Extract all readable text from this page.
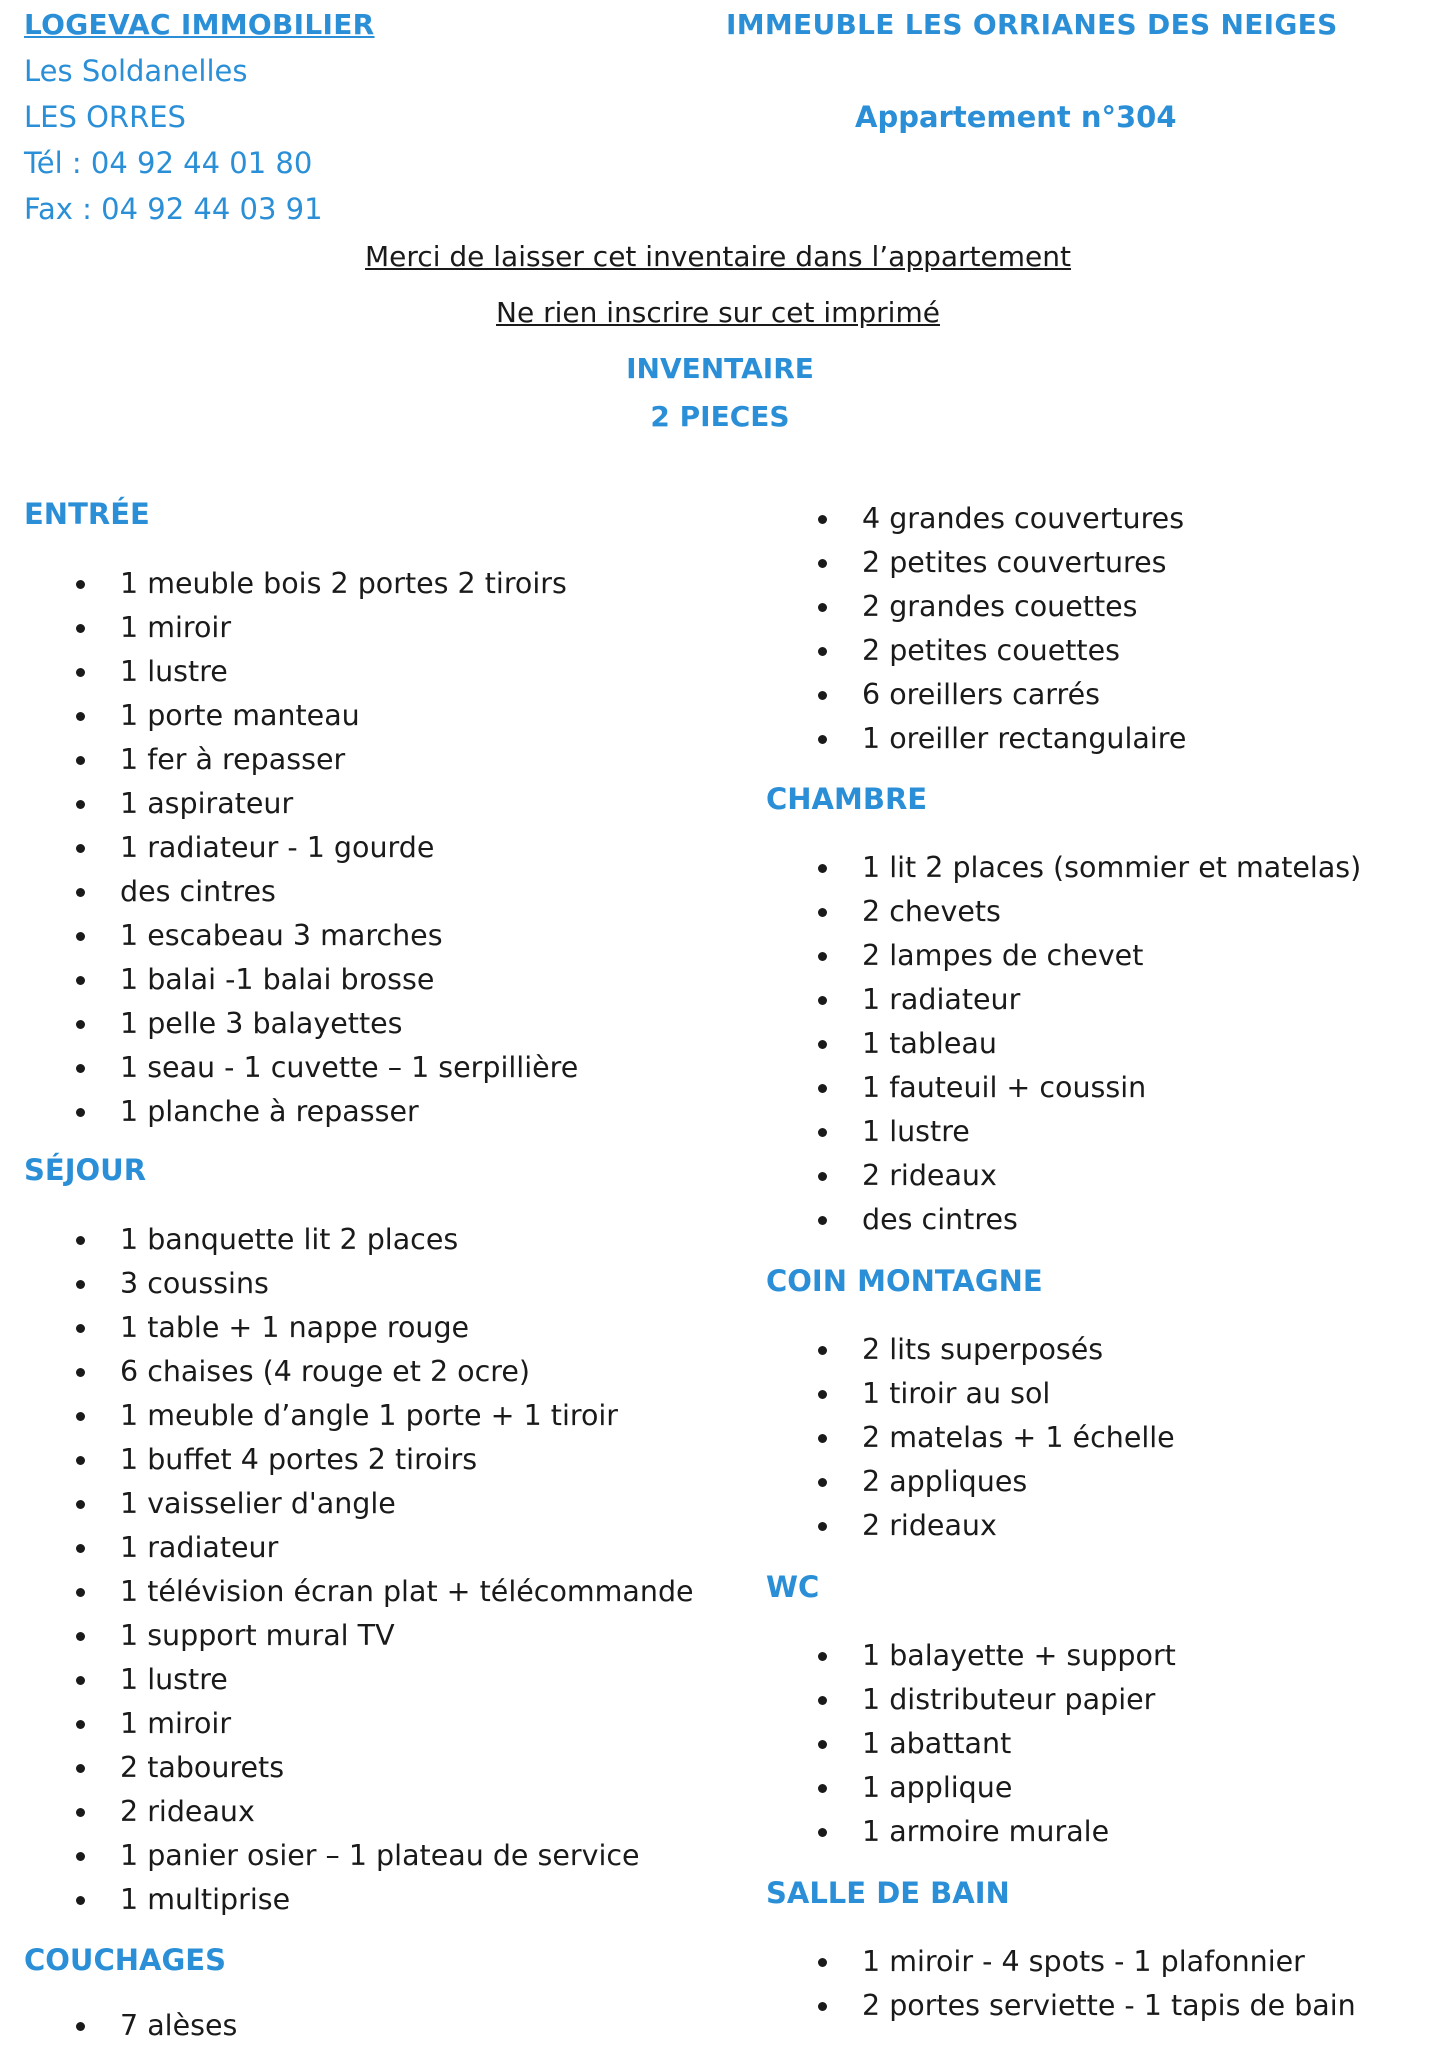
LOGEVAC IMMOBILIER
Les Soldanelles
LES ORRES
Tél : 04 92 44 01 80
Fax : 04 92 44 03 91
IMMEUBLE LES ORRIANES DES NEIGES
Appartement n°304
Merci de laisser cet inventaire dans l’appartement
Ne rien inscrire sur cet imprimé
INVENTAIRE
2 PIECES
ENTRÉE
1 meuble bois 2 portes 2 tiroirs
1 miroir
1 lustre
1 porte manteau
1 fer à repasser
1 aspirateur
1 radiateur - 1 gourde
des cintres
1 escabeau 3 marches
1 balai -1 balai brosse
1 pelle 3 balayettes
1 seau - 1 cuvette – 1 serpillière
1 planche à repasser
SÉJOUR
1 banquette lit 2 places
3 coussins
1 table + 1 nappe rouge
6 chaises (4 rouge et 2 ocre)
1 meuble d’angle 1 porte + 1 tiroir
1 buffet 4 portes 2 tiroirs
1 vaisselier d'angle
1 radiateur
1 télévision écran plat + télécommande
1 support mural TV
1 lustre
1 miroir
2 tabourets
2 rideaux
1 panier osier – 1 plateau de service
1 multiprise
COUCHAGES
7 alèses
4 grandes couvertures
2 petites couvertures
2 grandes couettes
2 petites couettes
6 oreillers carrés
1 oreiller rectangulaire
CHAMBRE
1 lit 2 places (sommier et matelas)
2 chevets
2 lampes de chevet
1 radiateur
1 tableau
1 fauteuil + coussin
1 lustre
2 rideaux
des cintres
COIN MONTAGNE
2 lits superposés
1 tiroir au sol
2 matelas + 1 échelle
2 appliques
2 rideaux
WC
1 balayette + support
1 distributeur papier
1 abattant
1 applique
1 armoire murale
SALLE DE BAIN
1 miroir - 4 spots - 1 plafonnier
2 portes serviette - 1 tapis de bain
